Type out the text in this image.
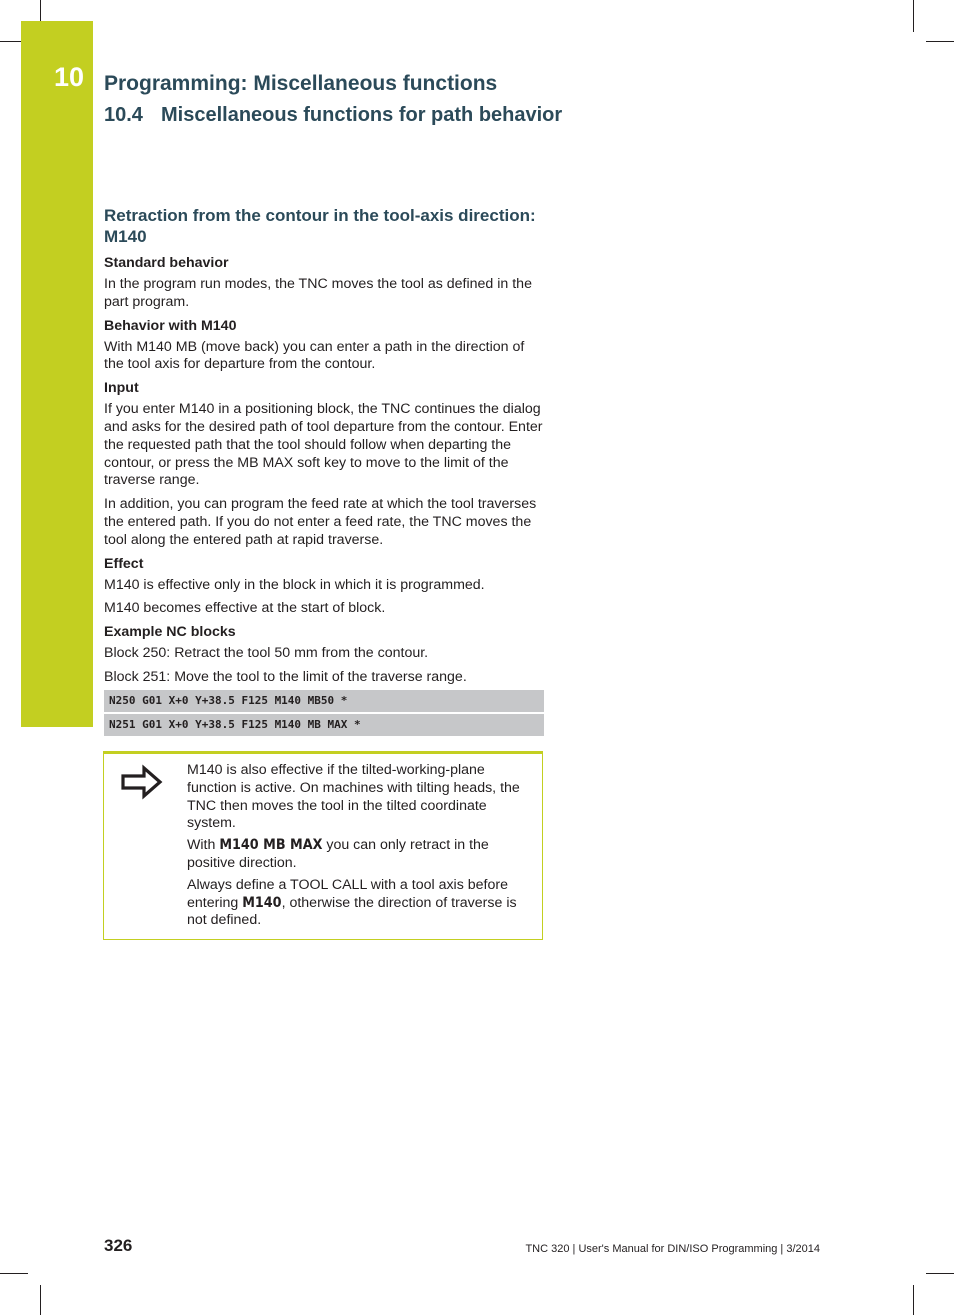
10 Programming: Miscellaneous functions
10.4 Miscellaneous functions for path behavior
Retraction from the contour in the tool-axis direction: M140
Standard behavior

In the program run modes, the TNC moves the tool as defined in the part program.

Behavior with M140

With M140 MB (move back) you can enter a path in the direction of the tool axis for departure from the contour.

Input

If you enter M140 in a positioning block, the TNC continues the dialog and asks for the desired path of tool departure from the contour. Enter the requested path that the tool should follow when departing the contour, or press the MB MAX soft key to move to the limit of the traverse range.

In addition, you can program the feed rate at which the tool traverses the entered path. If you do not enter a feed rate, the TNC moves the tool along the entered path at rapid traverse.

Effect

M140 is effective only in the block in which it is programmed.

M140 becomes effective at the start of block.

Example NC blocks

Block 250: Retract the tool 50 mm from the contour.

Block 251: Move the tool to the limit of the traverse range.

N250 G01 X+0 Y+38.5 F125 M140 MB50 *
N251 G01 X+0 Y+38.5 F125 M140 MB MAX *

M140 is also effective if the tilted-working-plane function is active. On machines with tilting heads, the TNC then moves the tool in the tilted coordinate system.

With M140 MB MAX you can only retract in the positive direction.

Always define a TOOL CALL with a tool axis before entering M140, otherwise the direction of traverse is not defined.

326	TNC 320 | User's Manual for DIN/ISO Programming | 3/2014
